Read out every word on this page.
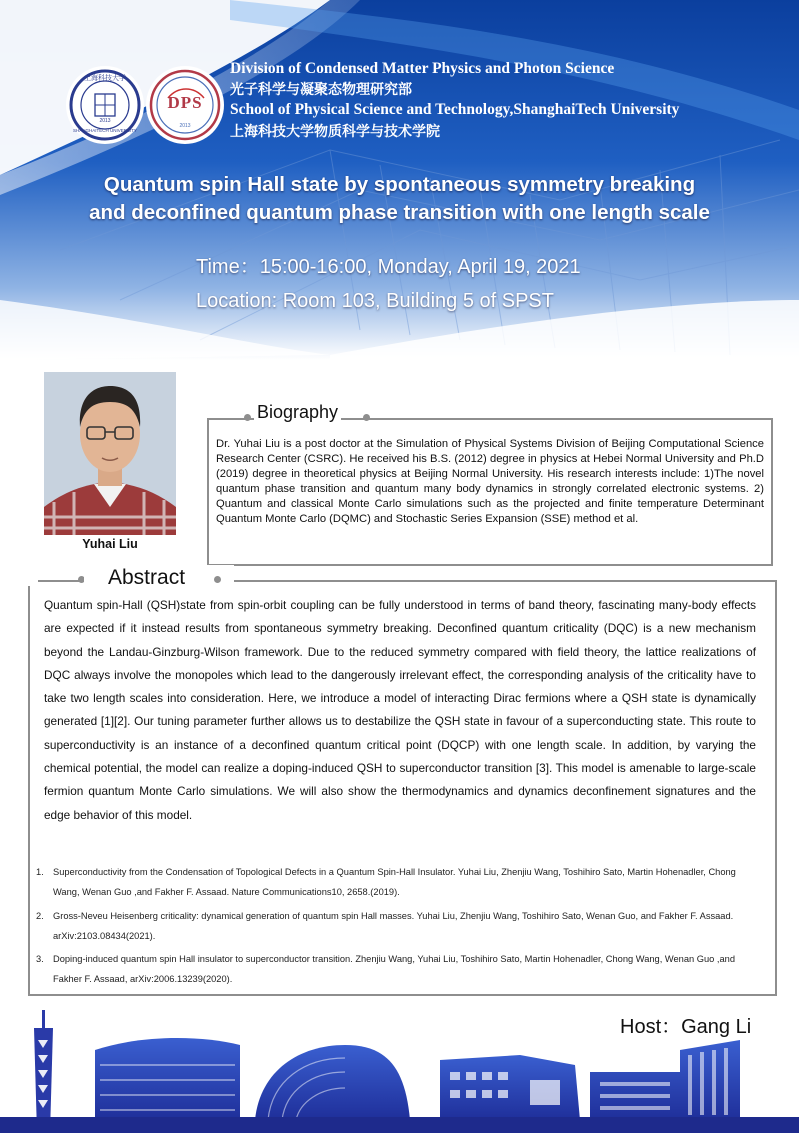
上海科技大学
SHANGHAITECH UNIVERSITY
2013
DPS
2013
Division of Condensed Matter Physics and Photon Science
光子科学与凝聚态物理研究部
School of Physical Science and Technology,ShanghaiTech University
上海科技大学物质科学与技术学院
Quantum spin Hall state by spontaneous symmetry breaking
and deconfined quantum phase transition with one length scale
Time：15:00-16:00, Monday, April 19, 2021
Location: Room 103, Building 5 of SPST
Yuhai Liu
Biography
Dr. Yuhai Liu is a post doctor at the Simulation of Physical Systems Division of Beijing Computational Science Research Center (CSRC). He received his B.S. (2012) degree in physics at Hebei Normal University and Ph.D (2019) degree in theoretical physics at Beijing Normal University. His research interests include: 1)The novel quantum phase transition and quantum many body dynamics in strongly correlated electronic systems. 2) Quantum and classical Monte Carlo simulations such as the projected and finite temperature Determinant Quantum Monte Carlo (DQMC) and Stochastic Series Expansion (SSE) method et al.
Abstract
Quantum spin-Hall (QSH)state from spin-orbit coupling can be fully understood in terms of band theory, fascinating many-body effects are expected if it instead results from spontaneous symmetry breaking. Deconfined quantum criticality (DQC) is a new mechanism beyond the Landau-Ginzburg-Wilson framework. Due to the reduced symmetry compared with field theory, the lattice realizations of DQC always involve the monopoles which lead to the dangerously irrelevant effect, the corresponding analysis of the criticality have to take two length scales into consideration. Here, we introduce a model of interacting Dirac fermions where a QSH state is dynamically generated [1][2]. Our tuning parameter further allows us to destabilize the QSH state in favour of a superconducting state. This route to superconductivity is an instance of a deconfined quantum critical point (DQCP) with one length scale. In addition, by varying the chemical potential, the model can realize a doping-induced QSH to superconductor transition [3]. This model is amenable to large-scale fermion quantum Monte Carlo simulations. We will also show the thermodynamics and dynamics deconfinement signatures and the edge behavior of this model.
1. Superconductivity from the Condensation of Topological Defects in a Quantum Spin-Hall Insulator. Yuhai Liu, Zhenjiu Wang, Toshihiro Sato, Martin Hohenadler, Chong Wang, Wenan Guo ,and Fakher F. Assaad. Nature Communications10, 2658.(2019).
2. Gross-Neveu Heisenberg criticality: dynamical generation of quantum spin Hall masses. Yuhai Liu, Zhenjiu Wang, Toshihiro Sato, Wenan Guo, and Fakher F. Assaad. arXiv:2103.08434(2021).
3. Doping-induced quantum spin Hall insulator to superconductor transition. Zhenjiu Wang, Yuhai Liu, Toshihiro Sato, Martin Hohenadler, Chong Wang, Wenan Guo ,and Fakher F. Assaad, arXiv:2006.13239(2020).
Host：Gang Li
